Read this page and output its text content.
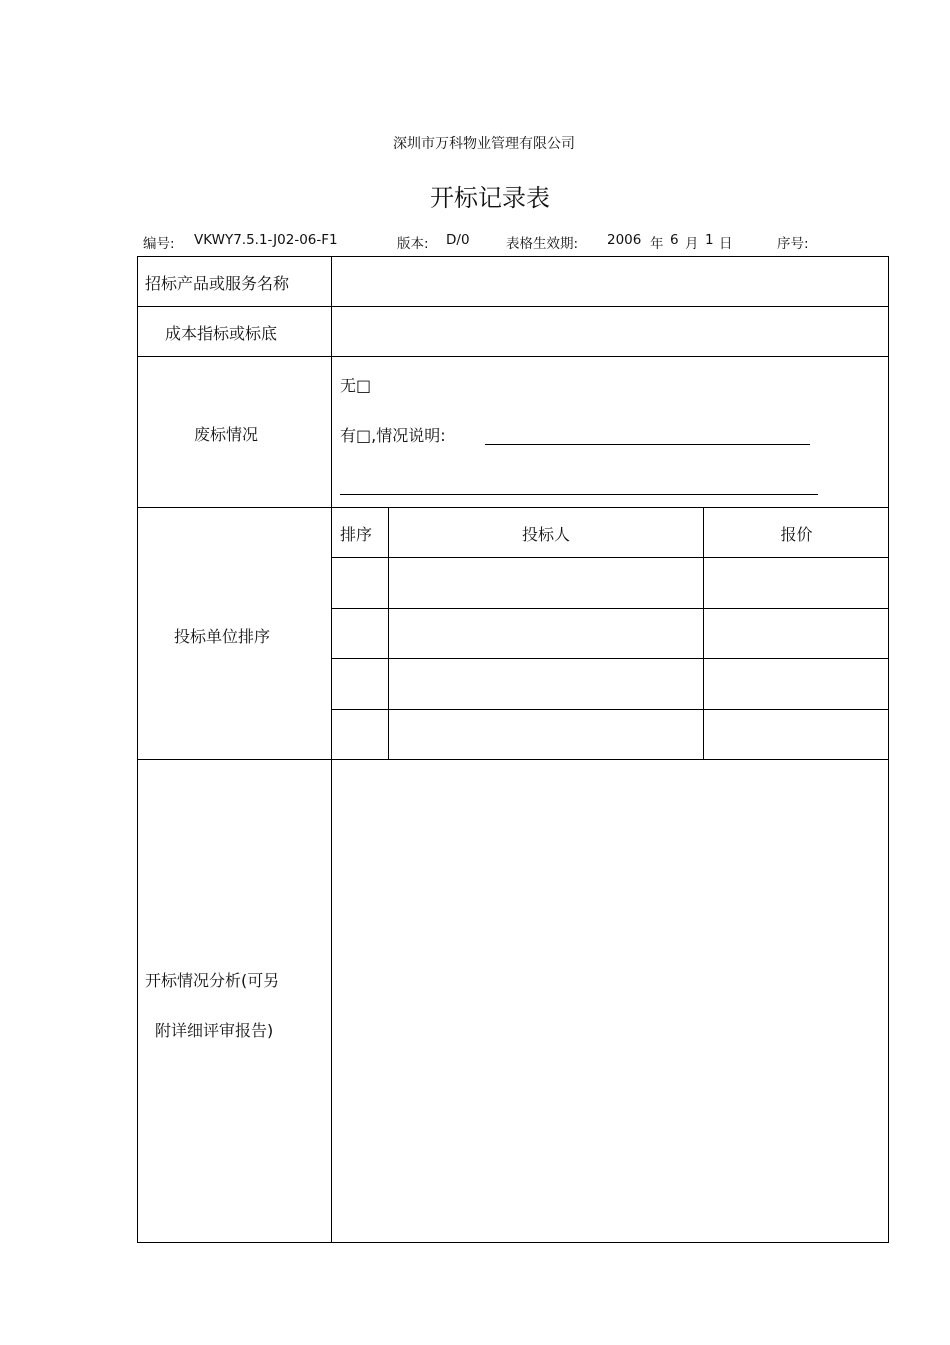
深圳市万科物业管理有限公司
开标记录表
编号: VKWY7.5.1-J02-06-F1	版本: D/0	表格生效期: 2006 年 6 月 1 日	序号:
招标产品或服务名称
成本指标或标底
废标情况
无□
有□,情况说明:
投标单位排序
排序	投标人	报价
开标情况分析(可另
附详细评审报告)
